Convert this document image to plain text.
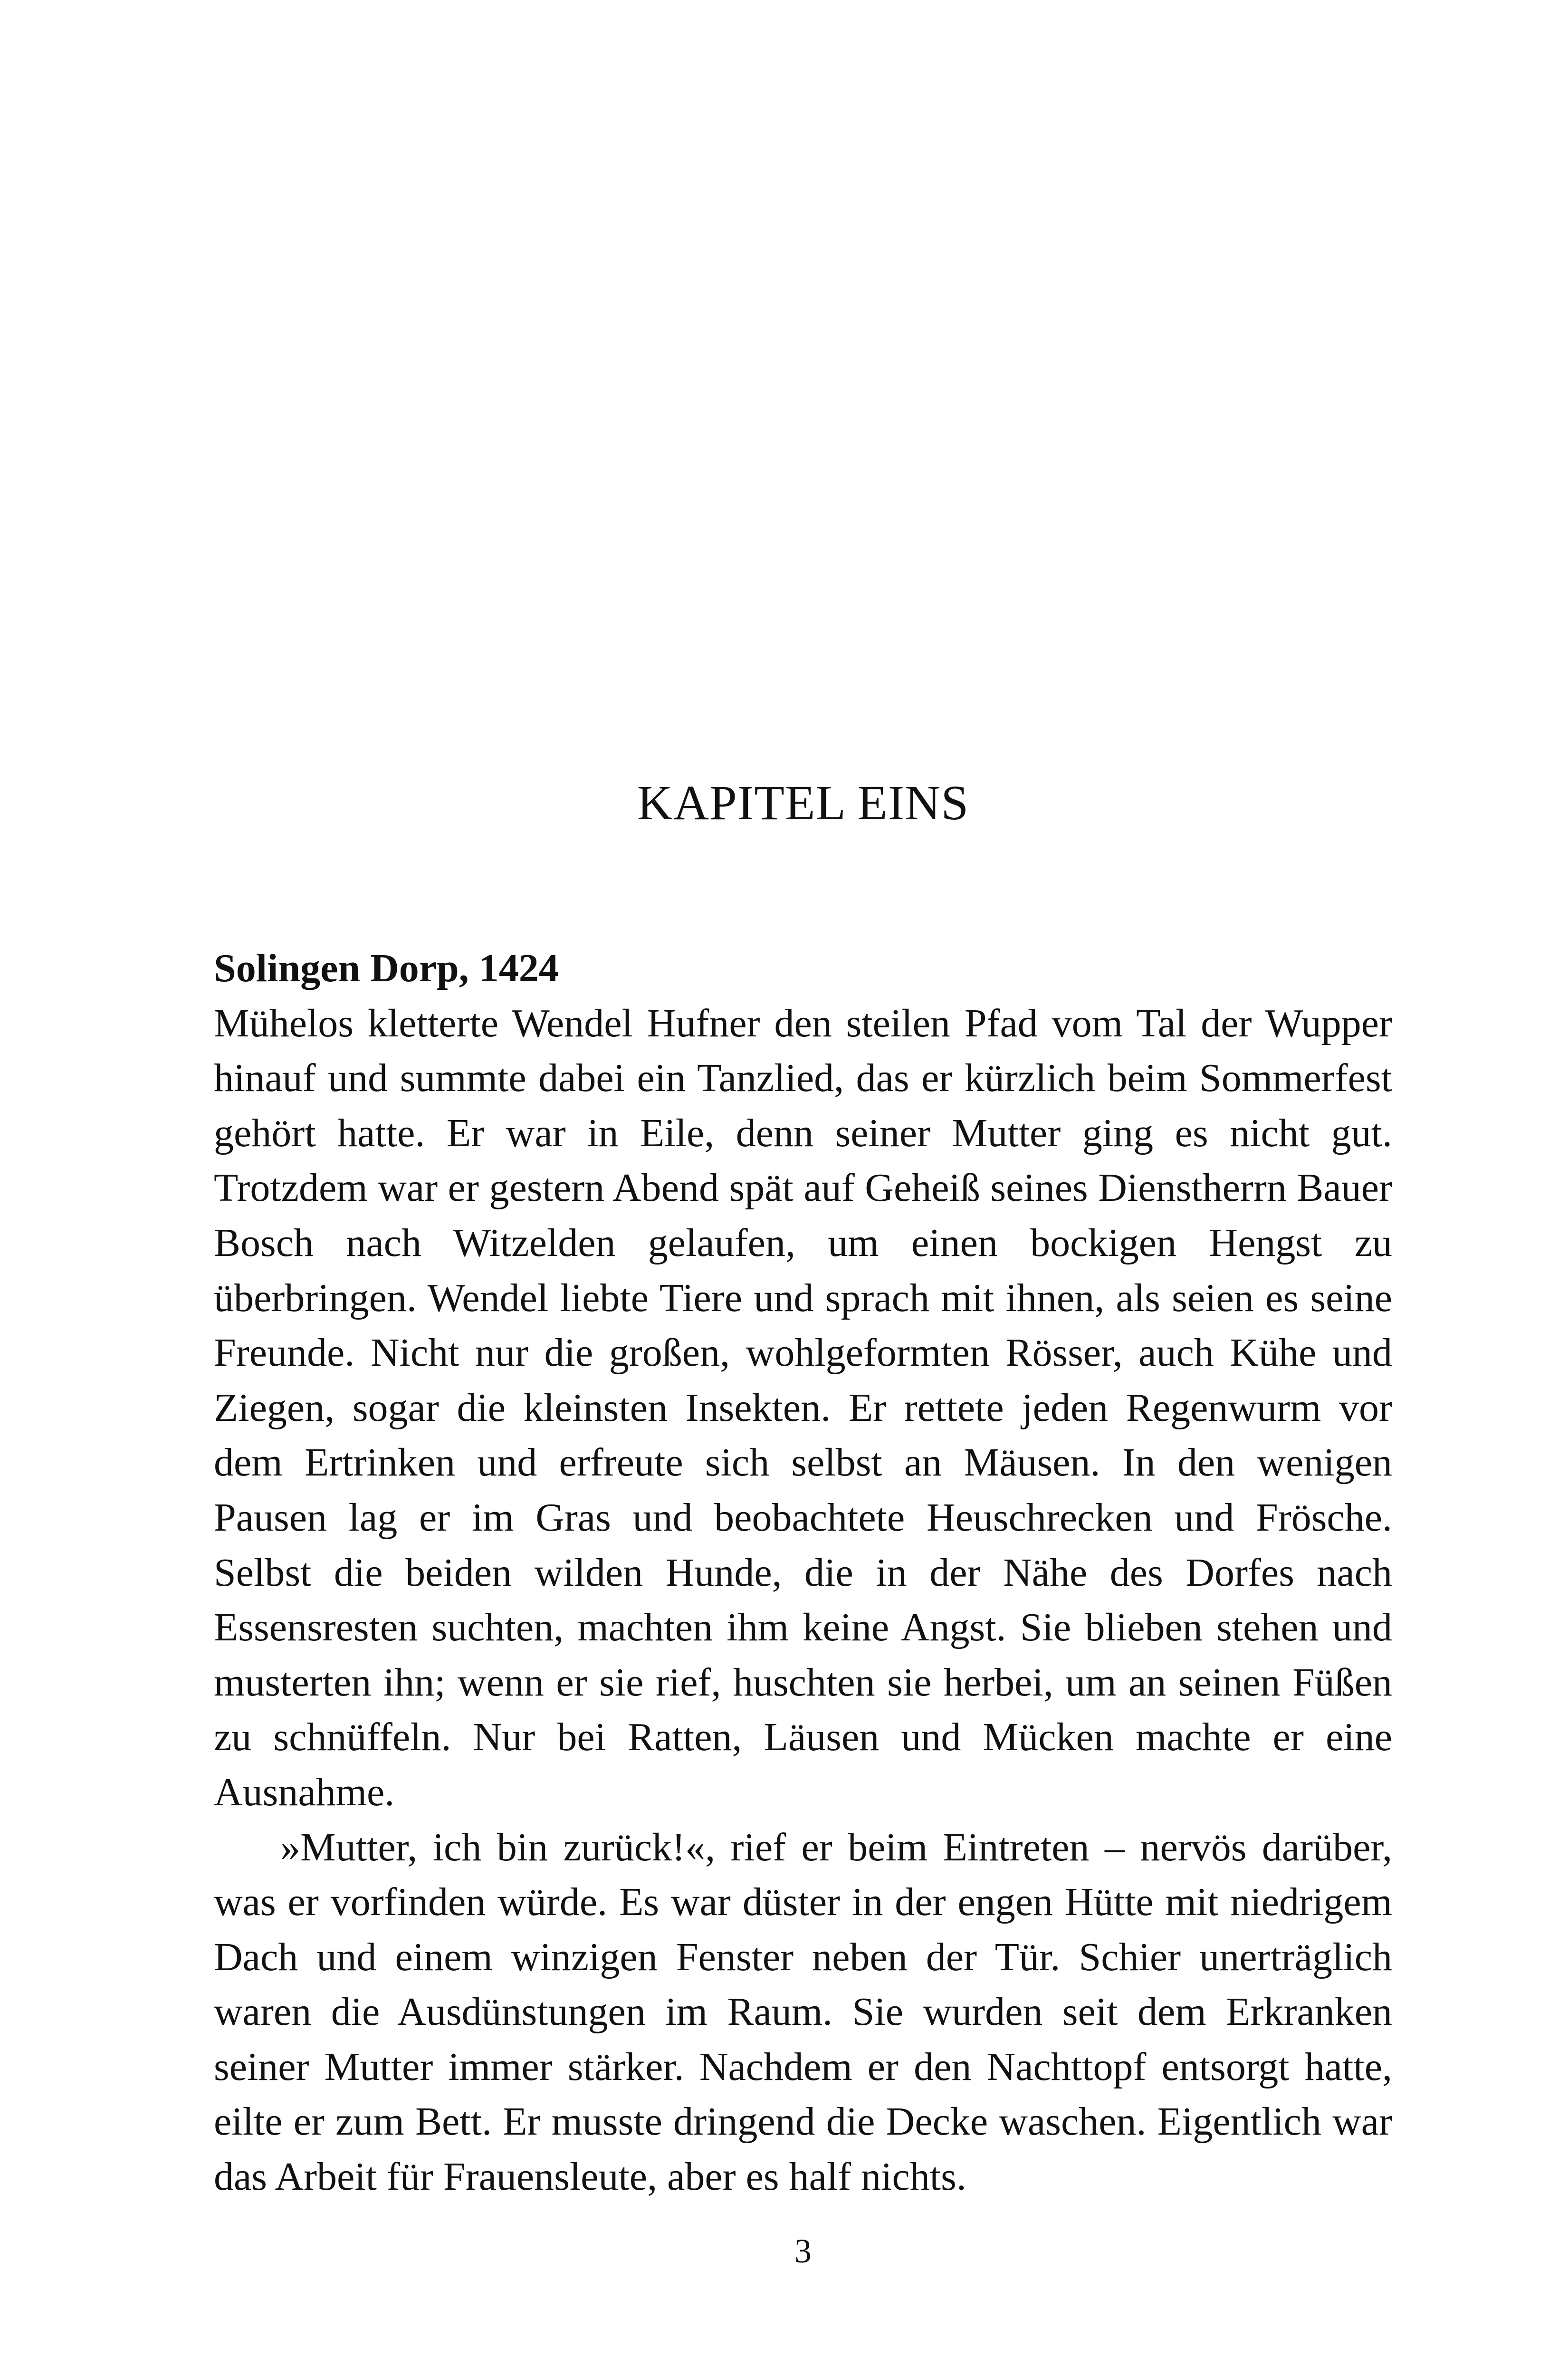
KAPITEL EINS

Solingen Dorp, 1424

Mühelos kletterte Wendel Hufner den steilen Pfad vom Tal der Wupper hinauf und summte dabei ein Tanzlied, das er kürzlich beim Sommerfest gehört hatte. Er war in Eile, denn seiner Mutter ging es nicht gut. Trotzdem war er gestern Abend spät auf Geheiß seines Dienstherrn Bauer Bosch nach Witzelden gelaufen, um einen bockigen Hengst zu überbringen. Wendel liebte Tiere und sprach mit ihnen, als seien es seine Freunde. Nicht nur die großen, wohlgeformten Rösser, auch Kühe und Ziegen, sogar die kleinsten Insekten. Er rettete jeden Regenwurm vor dem Ertrinken und erfreute sich selbst an Mäusen. In den wenigen Pausen lag er im Gras und beobachtete Heuschrecken und Frösche. Selbst die beiden wilden Hunde, die in der Nähe des Dorfes nach Essensresten suchten, machten ihm keine Angst. Sie blieben stehen und musterten ihn; wenn er sie rief, huschten sie herbei, um an seinen Füßen zu schnüffeln. Nur bei Ratten, Läusen und Mücken machte er eine Ausnahme.

»Mutter, ich bin zurück!«, rief er beim Eintreten – nervös darüber, was er vorfinden würde. Es war düster in der engen Hütte mit niedrigem Dach und einem winzigen Fenster neben der Tür. Schier unerträglich waren die Ausdünstungen im Raum. Sie wurden seit dem Erkranken seiner Mutter immer stärker. Nachdem er den Nachttopf entsorgt hatte, eilte er zum Bett. Er musste dringend die Decke waschen. Eigentlich war das Arbeit für Frauensleute, aber es half nichts.

3
